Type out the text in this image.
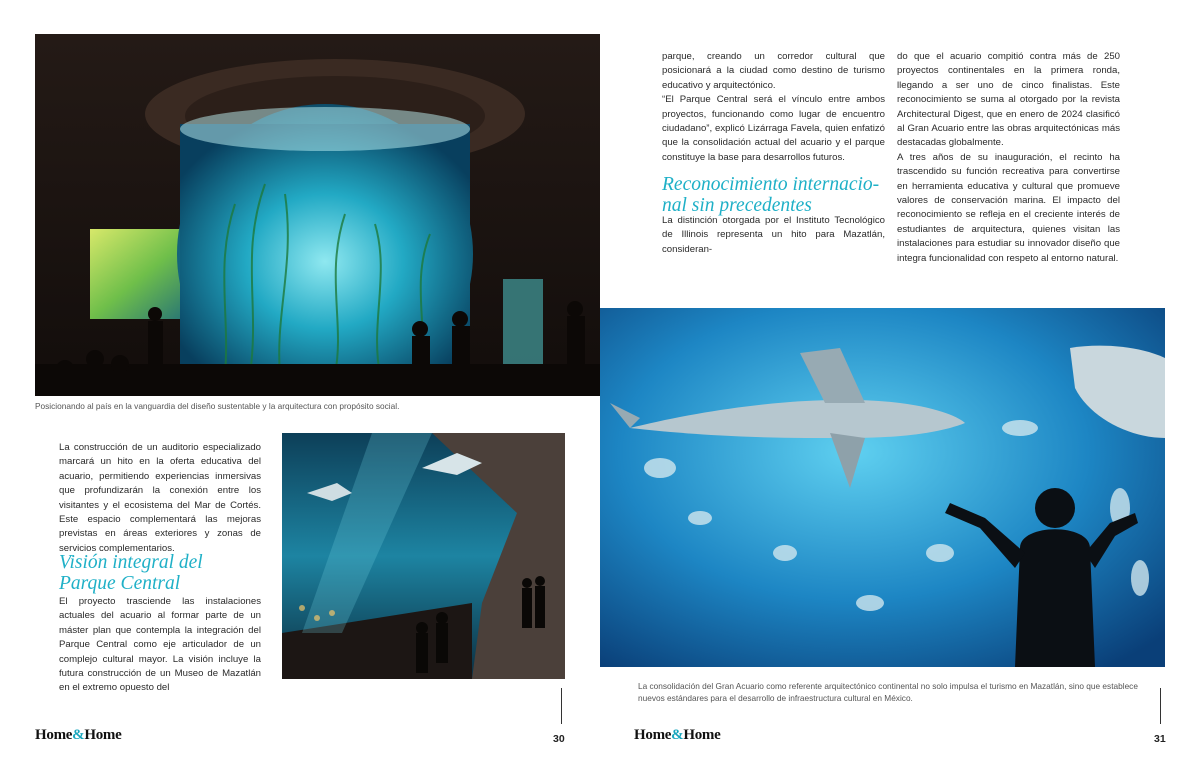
Posicionando al país en la vanguardia del diseño sustentable y la arquitectura con propósito social.
La construcción de un auditorio especializado marcará un hito en la oferta educativa del acuario, permitiendo experiencias inmersivas que profundizarán la conexión entre los visitantes y el ecosistema del Mar de Cortés. Este espacio complementará las mejoras previstas en áreas exteriores y zonas de servicios complementarios.
Visión integral del
Parque Central
El proyecto trasciende las instalaciones actuales del acuario al formar parte de un máster plan que contempla la integración del Parque Central como eje articulador de un complejo cultural mayor. La visión incluye la futura construcción de un Museo de Mazatlán en el extremo opuesto del
Home&Home	30

parque, creando un corredor cultural que posicionará a la ciudad como destino de turismo educativo y arquitectónico.

“El Parque Central será el vínculo entre ambos proyectos, funcionando como lugar de encuentro ciudadano”, explicó Lizárraga Favela, quien enfatizó que la consolidación actual del acuario y el parque constituye la base para desarrollos futuros.

Reconocimiento internacio-
nal sin precedentes
La distinción otorgada por el Instituto Tecnológico de Illinois representa un hito para Mazatlán, consideran-

do que el acuario compitió contra más de 250 proyectos continentales en la primera ronda, llegando a ser uno de cinco finalistas. Este reconocimiento se suma al otorgado por la revista Architectural Digest, que en enero de 2024 clasificó al Gran Acuario entre las obras arquitectónicas más destacadas globalmente.

A tres años de su inauguración, el recinto ha trascendido su función recreativa para convertirse en herramienta educativa y cultural que promueve valores de conservación marina. El impacto del reconocimiento se refleja en el creciente interés de estudiantes de arquitectura, quienes visitan las instalaciones para estudiar su innovador diseño que integra funcionalidad con respeto al entorno natural.

La consolidación del Gran Acuario como referente arquitectónico continental no solo impulsa el turismo en Mazatlán, sino que establece nuevos estándares para el desarrollo de infraestructura cultural en México.
Home&Home	31
